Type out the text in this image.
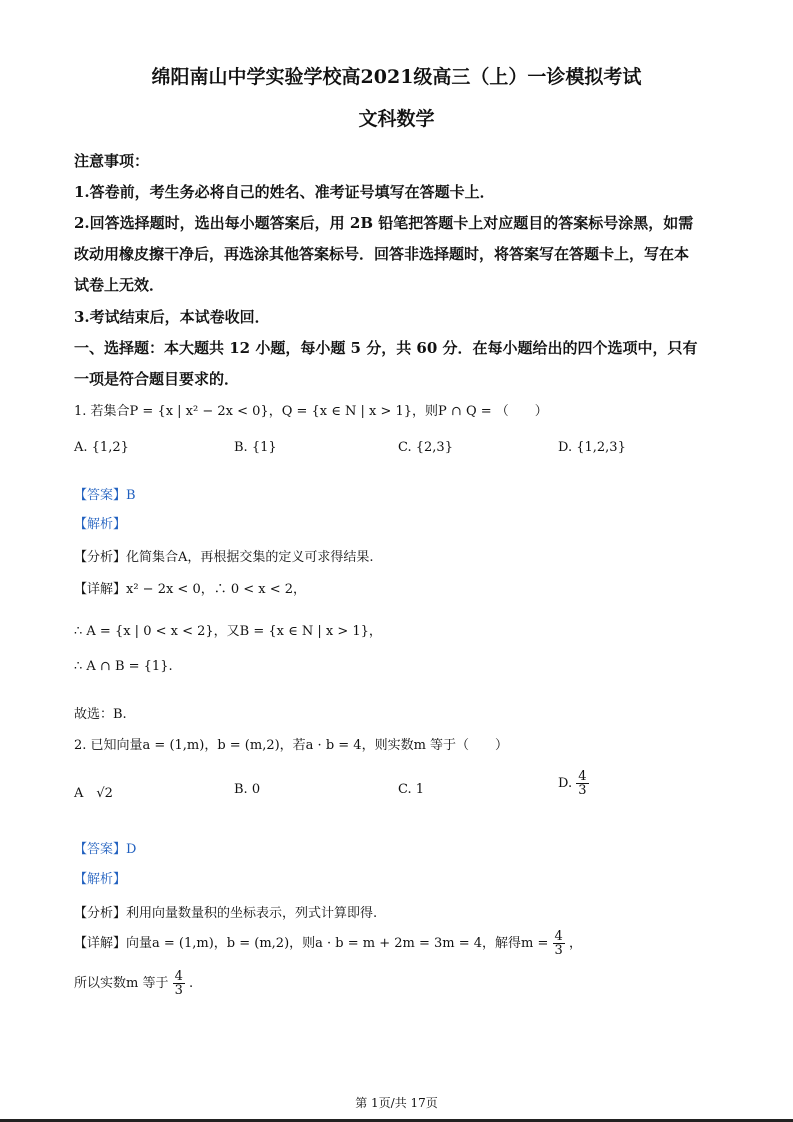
绵阳南山中学实验学校高2021级高三（上）一诊模拟考试
文科数学
注意事项：
1.答卷前，考生务必将自己的姓名、准考证号填写在答题卡上．
2.回答选择题时，选出每小题答案后，用 2B 铅笔把答题卡上对应题目的答案标号涂黑，如需
改动用橡皮擦干净后，再选涂其他答案标号．回答非选择题时，将答案写在答题卡上，写在本
试卷上无效．
3.考试结束后，本试卷收回．
一、选择题：本大题共 12 小题，每小题 5 分，共 60 分．在每小题给出的四个选项中，只有
一项是符合题目要求的．
1. 若集合P = {x | x² − 2x < 0}，Q = {x ∈ N | x > 1}，则P ∩ Q = （　　）
A. {1,2}	B. {1}	C. {2,3}	D. {1,2,3}
【答案】B
【解析】
【分析】化简集合A，再根据交集的定义可求得结果.
【详解】x² − 2x < 0，∴ 0 < x < 2，
∴ A = {x | 0 < x < 2}，又B = {x ∈ N | x > 1}，
∴ A ∩ B = {1}.
故选：B.
2. 已知向量a = (1,m)，b = (m,2)，若a · b = 4，则实数m 等于（　　）
A　√2	B. 0	C. 1	D. $\frac{4}{3}$
【答案】D
【解析】
【分析】利用向量数量积的坐标表示，列式计算即得.
【详解】向量a = (1,m)，b = (m,2)，则a · b = m + 2m = 3m = 4，解得$m = \frac{4}{3}$ ，
所以实数m 等于 $\frac{4}{3}$ .
第 1页/共 17页
